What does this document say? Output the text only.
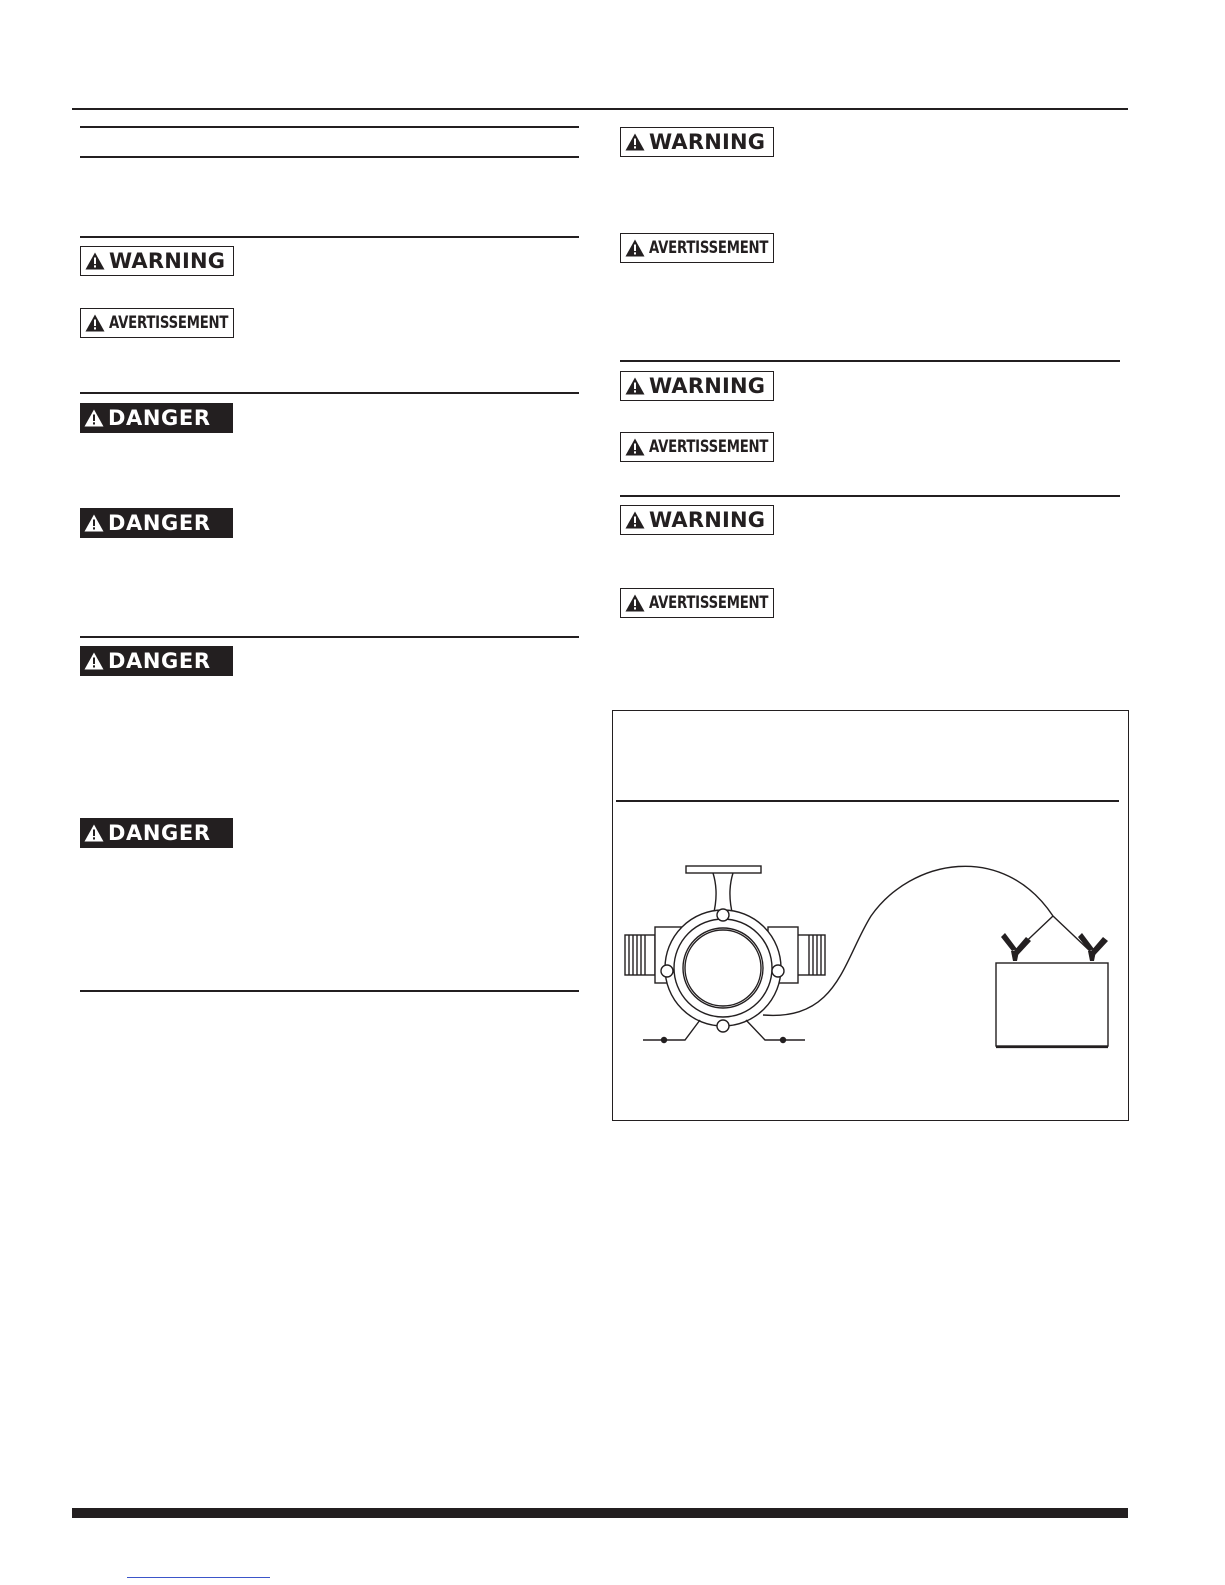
WARNING
AVERTISSEMENT
DANGER
DANGER
DANGER
DANGER
WARNING
AVERTISSEMENT
WARNING
AVERTISSEMENT
WARNING
AVERTISSEMENT
